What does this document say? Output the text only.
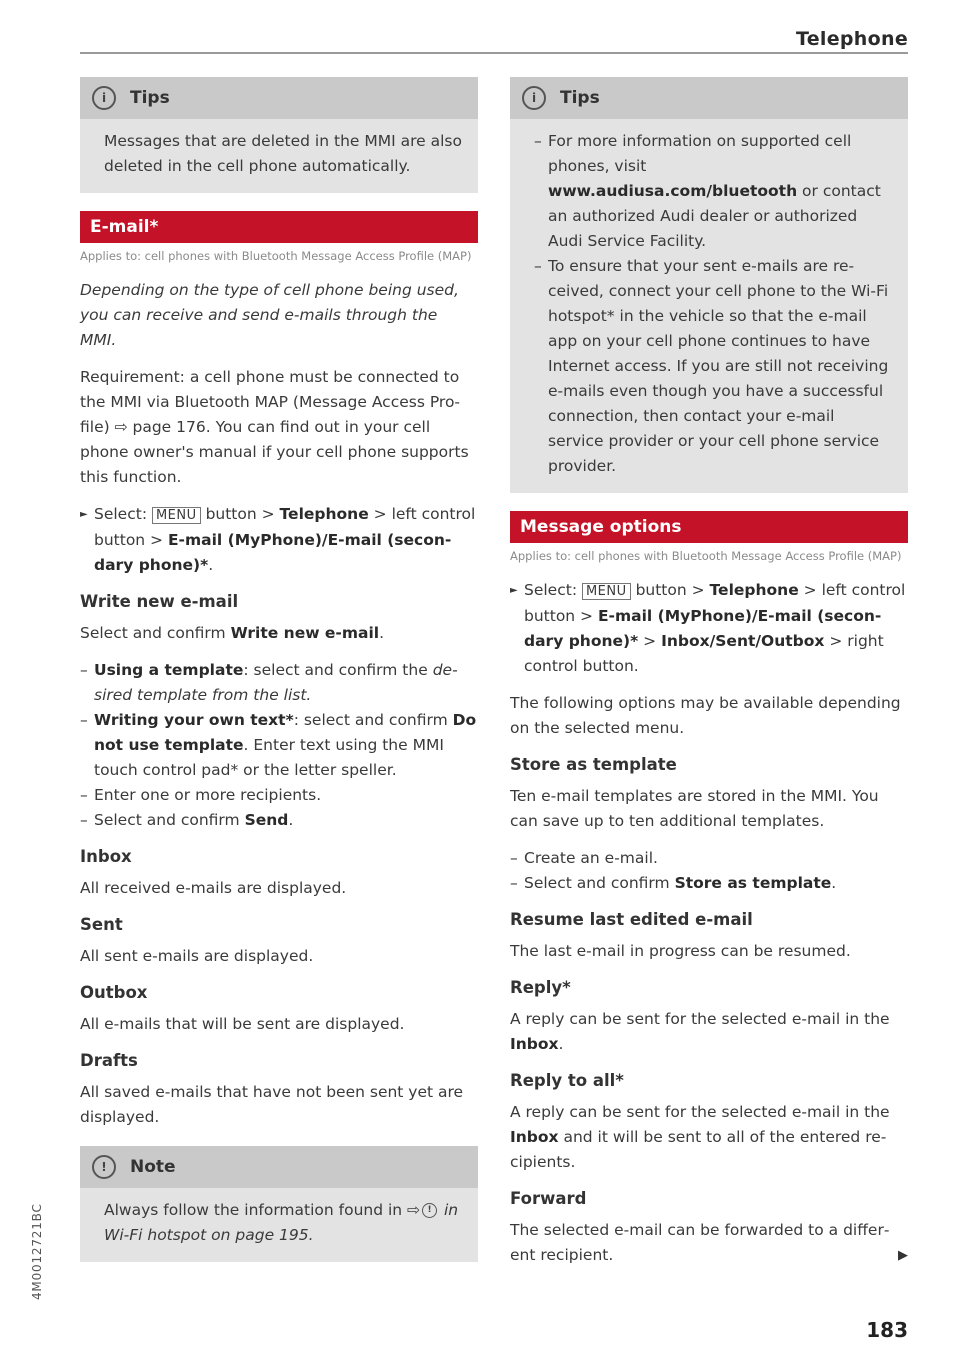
Telephone
i	Tips

Messages that are deleted in the MMI are also deleted in the cell phone automatically.

E-mail*
Applies to: cell phones with Bluetooth Message Access Profile (MAP)

Depending on the type of cell phone being used, you can receive and send e-mails through the MMI.

Requirement: a cell phone must be connected to the MMI via Bluetooth MAP (Message Access Profile) ⇨ page 176. You can find out in your cell phone owner's manual if your cell phone supports this function.

► Select: MENU button > Telephone > left control button > E-mail (MyPhone)/E-mail (secondary phone)*.

Write new e-mail

Select and confirm Write new e-mail.

– Using a template: select and confirm the desired template from the list.
– Writing your own text*: select and confirm Do not use template. Enter text using the MMI touch control pad* or the letter speller.
– Enter one or more recipients.
– Select and confirm Send.
Inbox

All received e-mails are displayed.

Sent

All sent e-mails are displayed.

Outbox

All e-mails that will be sent are displayed.

Drafts

All saved e-mails that have not been sent yet are displayed.

!	Note

Always follow the information found in ⇨ ! in Wi-Fi hotspot on page 195.

i	Tips
– For more information on supported cell phones, visit www.audiusa.com/bluetooth or contact an authorized Audi dealer or authorized Audi Service Facility.
– To ensure that your sent e-mails are received, connect your cell phone to the Wi-Fi hotspot* in the vehicle so that the e-mail app on your cell phone continues to have Internet access. If you are still not receiving e-mails even though you have a successful connection, then contact your e-mail service provider or your cell phone service provider.
Message options
Applies to: cell phones with Bluetooth Message Access Profile (MAP)

► Select: MENU button > Telephone > left control button > E-mail (MyPhone)/E-mail (secondary phone)* > Inbox/Sent/Outbox > right control button.

The following options may be available depending on the selected menu.

Store as template

Ten e-mail templates are stored in the MMI. You can save up to ten additional templates.

– Create an e-mail.
– Select and confirm Store as template.
Resume last edited e-mail

The last e-mail in progress can be resumed.

Reply*

A reply can be sent for the selected e-mail in the Inbox.

Reply to all*

A reply can be sent for the selected e-mail in the Inbox and it will be sent to all of the entered recipients.

Forward

The selected e-mail can be forwarded to a different recipient.	▶

4M0012721BC
183
